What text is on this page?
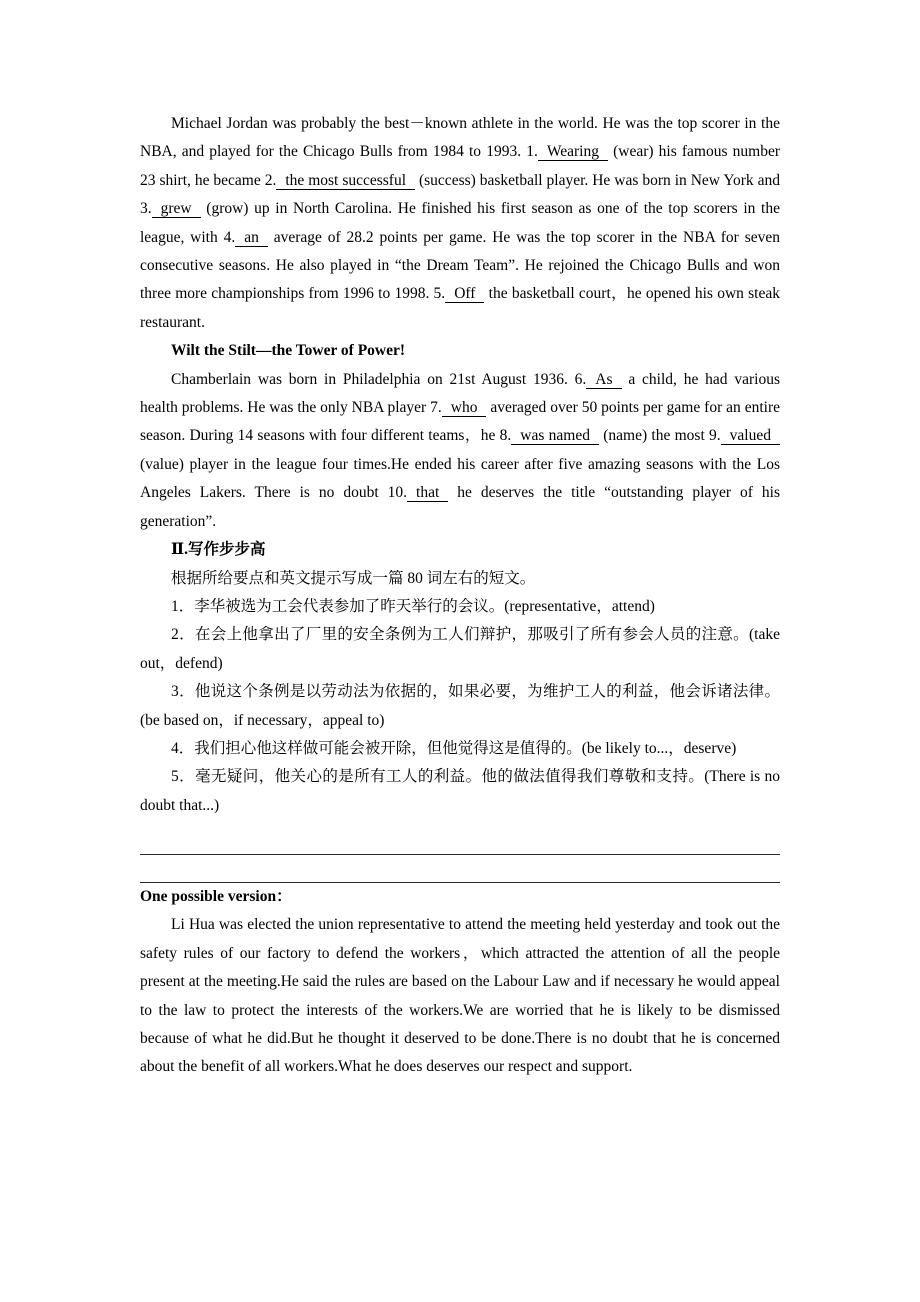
Michael Jordan was probably the best－known athlete in the world. He was the top scorer in the NBA, and played for the Chicago Bulls from 1984 to 1993. 1. Wearing (wear) his famous number 23 shirt, he became 2. the most successful (success) basketball player. He was born in New York and 3. grew (grow) up in North Carolina. He finished his first season as one of the top scorers in the league, with 4. an average of 28.2 points per game. He was the top scorer in the NBA for seven consecutive seasons. He also played in “the Dream Team”. He rejoined the Chicago Bulls and won three more championships from 1996 to 1998. 5. Off the basketball court，he opened his own steak restaurant.

Wilt the Stilt—the Tower of Power!

Chamberlain was born in Philadelphia on 21st August 1936. 6. As a child, he had various health problems. He was the only NBA player 7. who averaged over 50 points per game for an entire season. During 14 seasons with four different teams，he 8. was named (name) the most 9. valued (value) player in the league four times.He ended his career after five amazing seasons with the Los Angeles Lakers. There is no doubt 10. that he deserves the title “outstanding player of his generation”.

Ⅱ.写作步步高

根据所给要点和英文提示写成一篇 80 词左右的短文。

1．李华被选为工会代表参加了昨天举行的会议。(representative，attend)

2．在会上他拿出了厂里的安全条例为工人们辩护，那吸引了所有参会人员的注意。(take out，defend)

3．他说这个条例是以劳动法为依据的，如果必要，为维护工人的利益，他会诉诸法律。(be based on，if necessary，appeal to)

4．我们担心他这样做可能会被开除，但他觉得这是值得的。(be likely to...，deserve)

5．毫无疑问，他关心的是所有工人的利益。他的做法值得我们尊敬和支持。(There is no doubt that...)

One possible version：

Li Hua was elected the union representative to attend the meeting held yesterday and took out the safety rules of our factory to defend the workers，which attracted the attention of all the people present at the meeting.He said the rules are based on the Labour Law and if necessary he would appeal to the law to protect the interests of the workers.We are worried that he is likely to be dismissed because of what he did.But he thought it deserved to be done.There is no doubt that he is concerned about the benefit of all workers.What he does deserves our respect and support.
